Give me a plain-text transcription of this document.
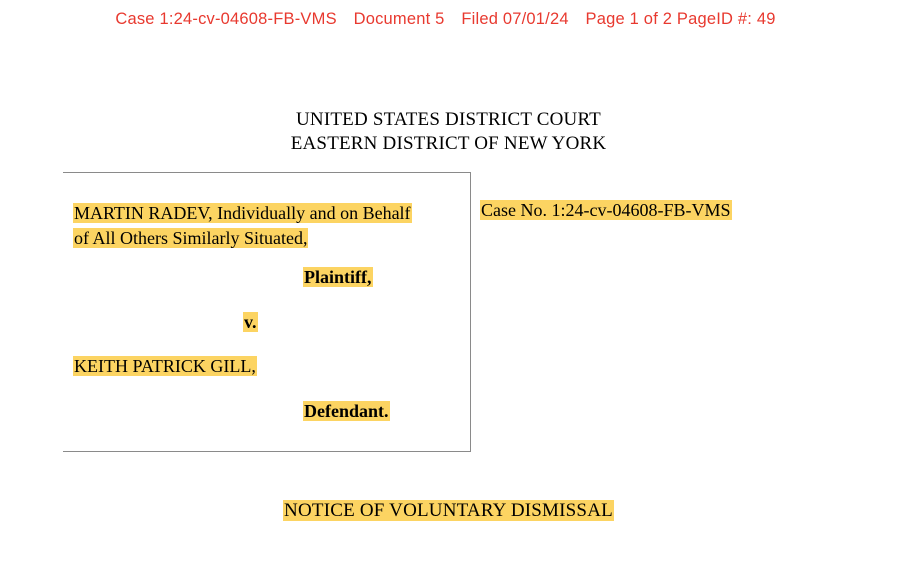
Case 1:24-cv-04608-FB-VMS Document 5 Filed 07/01/24 Page 1 of 2 PageID #: 49
UNITED STATES DISTRICT COURT
EASTERN DISTRICT OF NEW YORK
MARTIN RADEV, Individually and on Behalf
of All Others Similarly Situated,
Plaintiff,
v.
KEITH PATRICK GILL,
Defendant.
Case No. 1:24-cv-04608-FB-VMS
NOTICE OF VOLUNTARY DISMISSAL
